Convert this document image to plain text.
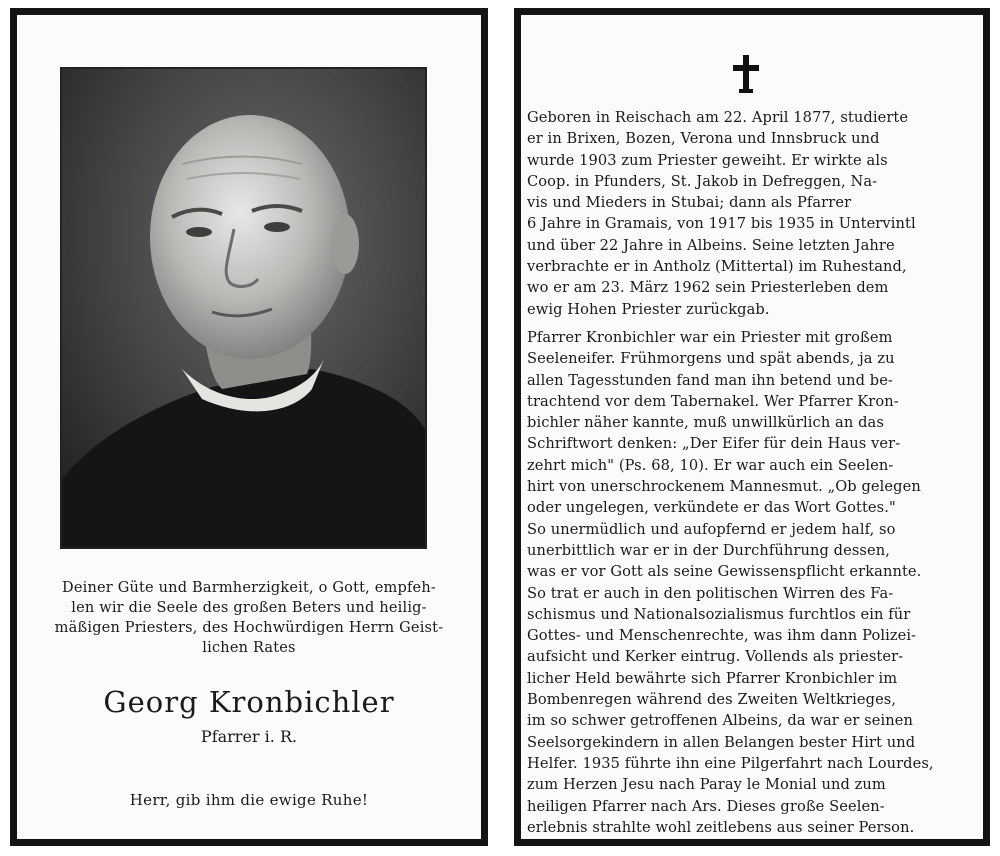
Deiner Güte und Barmherzigkeit, o Gott, empfeh-
len wir die Seele des großen Beters und heilig-
mäßigen Priesters, des Hochwürdigen Herrn Geist-
lichen Rates
Georg Kronbichler
Pfarrer i. R.
Herr, gib ihm die ewige Ruhe!

Geboren in Reischach am 22. April 1877, studierte
er in Brixen, Bozen, Verona und Innsbruck und
wurde 1903 zum Priester geweiht. Er wirkte als
Coop. in Pfunders, St. Jakob in Defreggen, Na-
vis und Mieders in Stubai; dann als Pfarrer
6 Jahre in Gramais, von 1917 bis 1935 in Untervintl
und über 22 Jahre in Albeins. Seine letzten Jahre
verbrachte er in Antholz (Mittertal) im Ruhestand,
wo er am 23. März 1962 sein Priesterleben dem
ewig Hohen Priester zurückgab.

Pfarrer Kronbichler war ein Priester mit großem
Seeleneifer. Frühmorgens und spät abends, ja zu
allen Tagesstunden fand man ihn betend und be-
trachtend vor dem Tabernakel. Wer Pfarrer Kron-
bichler näher kannte, muß unwillkürlich an das
Schriftwort denken: „Der Eifer für dein Haus ver-
zehrt mich" (Ps. 68, 10). Er war auch ein Seelen-
hirt von unerschrockenem Mannesmut. „Ob gelegen
oder ungelegen, verkündete er das Wort Gottes."
So unermüdlich und aufopfernd er jedem half, so
unerbittlich war er in der Durchführung dessen,
was er vor Gott als seine Gewissenspflicht erkannte.
So trat er auch in den politischen Wirren des Fa-
schismus und Nationalsozialismus furchtlos ein für
Gottes- und Menschenrechte, was ihm dann Polizei-
aufsicht und Kerker eintrug. Vollends als priester-
licher Held bewährte sich Pfarrer Kronbichler im
Bombenregen während des Zweiten Weltkrieges,
im so schwer getroffenen Albeins, da war er seinen
Seelsorgekindern in allen Belangen bester Hirt und
Helfer. 1935 führte ihn eine Pilgerfahrt nach Lourdes,
zum Herzen Jesu nach Paray le Monial und zum
heiligen Pfarrer nach Ars. Dieses große Seelen-
erlebnis strahlte wohl zeitlebens aus seiner Person.
